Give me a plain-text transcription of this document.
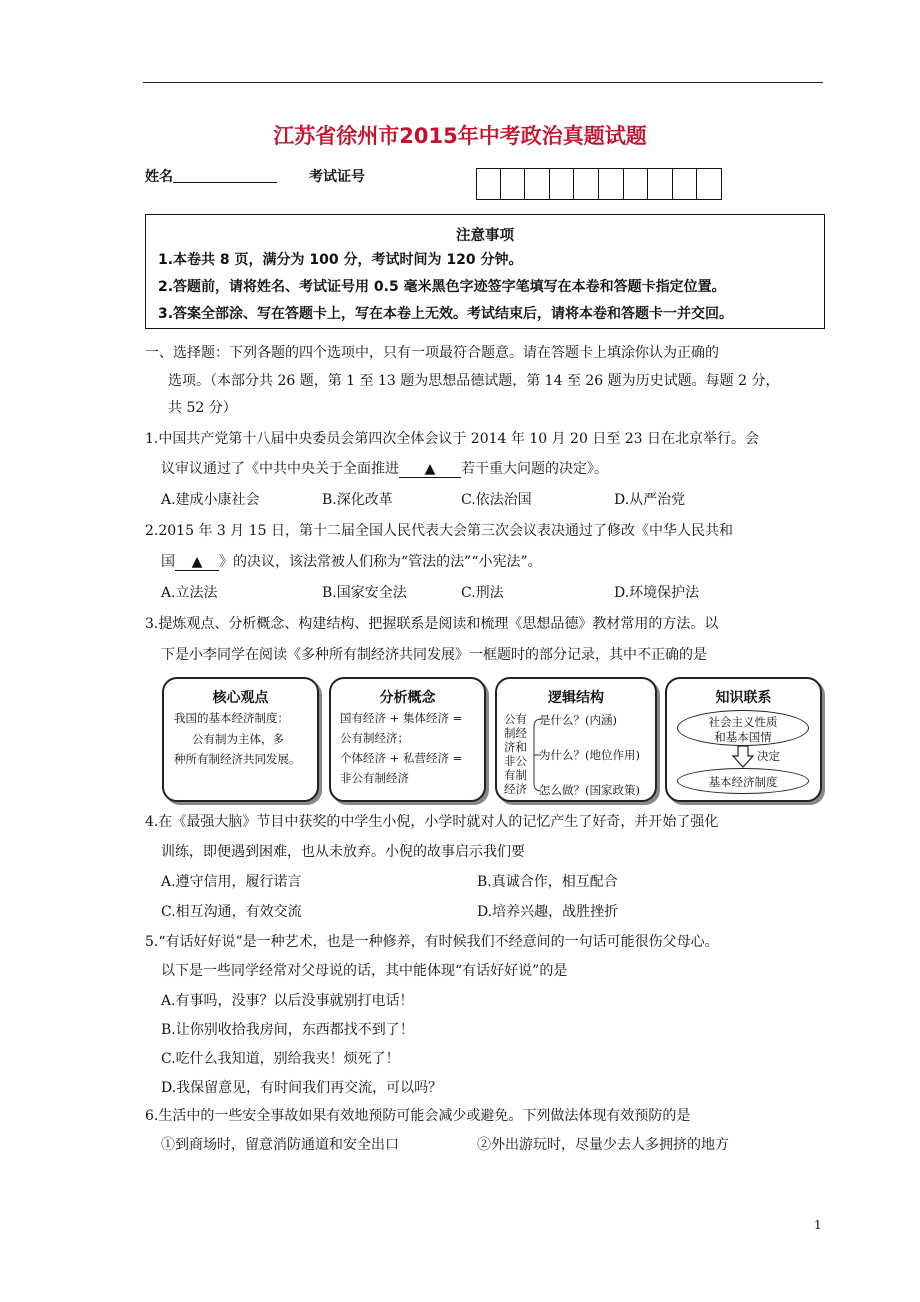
江苏省徐州市2015年中考政治真题试题
姓名	考试证号
注意事项
1.本卷共 8 页，满分为 100 分，考试时间为 120 分钟。
2.答题前，请将姓名、考试证号用 0.5 毫米黑色字迹签字笔填写在本卷和答题卡指定位置。
3.答案全部涂、写在答题卡上，写在本卷上无效。考试结束后，请将本卷和答题卡一并交回。
一、选择题：下列各题的四个选项中，只有一项最符合题意。请在答题卡上填涂你认为正确的
选项。（本部分共 26 题，第 1 至 13 题为思想品德试题，第 14 至 26 题为历史试题。每题 2 分，
共 52 分）
1.中国共产党第十八届中央委员会第四次全体会议于 2014 年 10 月 20 日至 23 日在北京举行。会
议审议通过了《中共中央关于全面推进 ▲ 若干重大问题的决定》。
A.建成小康社会	B.深化改革	C.依法治国	D.从严治党
2.2015 年 3 月 15 日，第十二届全国人民代表大会第三次会议表决通过了修改《中华人民共和
国 ▲ 》的决议，该法常被人们称为“管法的法”“小宪法”。
A.立法法	B.国家安全法	C.刑法	D.环境保护法
3.提炼观点、分析概念、构建结构、把握联系是阅读和梳理《思想品德》教材常用的方法。以
下是小李同学在阅读《多种所有制经济共同发展》一框题时的部分记录，其中不正确的是
核心观点
我国的基本经济制度：
公有制为主体，多
种所有制经济共同发展。
分析概念
国有经济 + 集体经济 =
公有制经济；
个体经济 + 私营经济 =
非公有制经济
逻辑结构
公有
制经
济和
非公
有制
经济
是什么？(内涵)
为什么？(地位作用)
怎么做？(国家政策)
知识联系
社会主义性质
和基本国情
决定
基本经济制度
4.在《最强大脑》节目中获奖的中学生小倪，小学时就对人的记忆产生了好奇，并开始了强化
训练，即便遇到困难，也从未放弃。小倪的故事启示我们要
A.遵守信用，履行诺言	B.真诚合作，相互配合
C.相互沟通，有效交流	D.培养兴趣，战胜挫折
5.“有话好好说”是一种艺术，也是一种修养，有时候我们不经意间的一句话可能很伤父母心。
以下是一些同学经常对父母说的话，其中能体现“有话好好说”的是
A.有事吗，没事？以后没事就别打电话！
B.让你别收拾我房间，东西都找不到了！
C.吃什么我知道，别给我夹！烦死了！
D.我保留意见，有时间我们再交流，可以吗？
6.生活中的一些安全事故如果有效地预防可能会减少或避免。下列做法体现有效预防的是
①到商场时，留意消防通道和安全出口	②外出游玩时，尽量少去人多拥挤的地方
1
